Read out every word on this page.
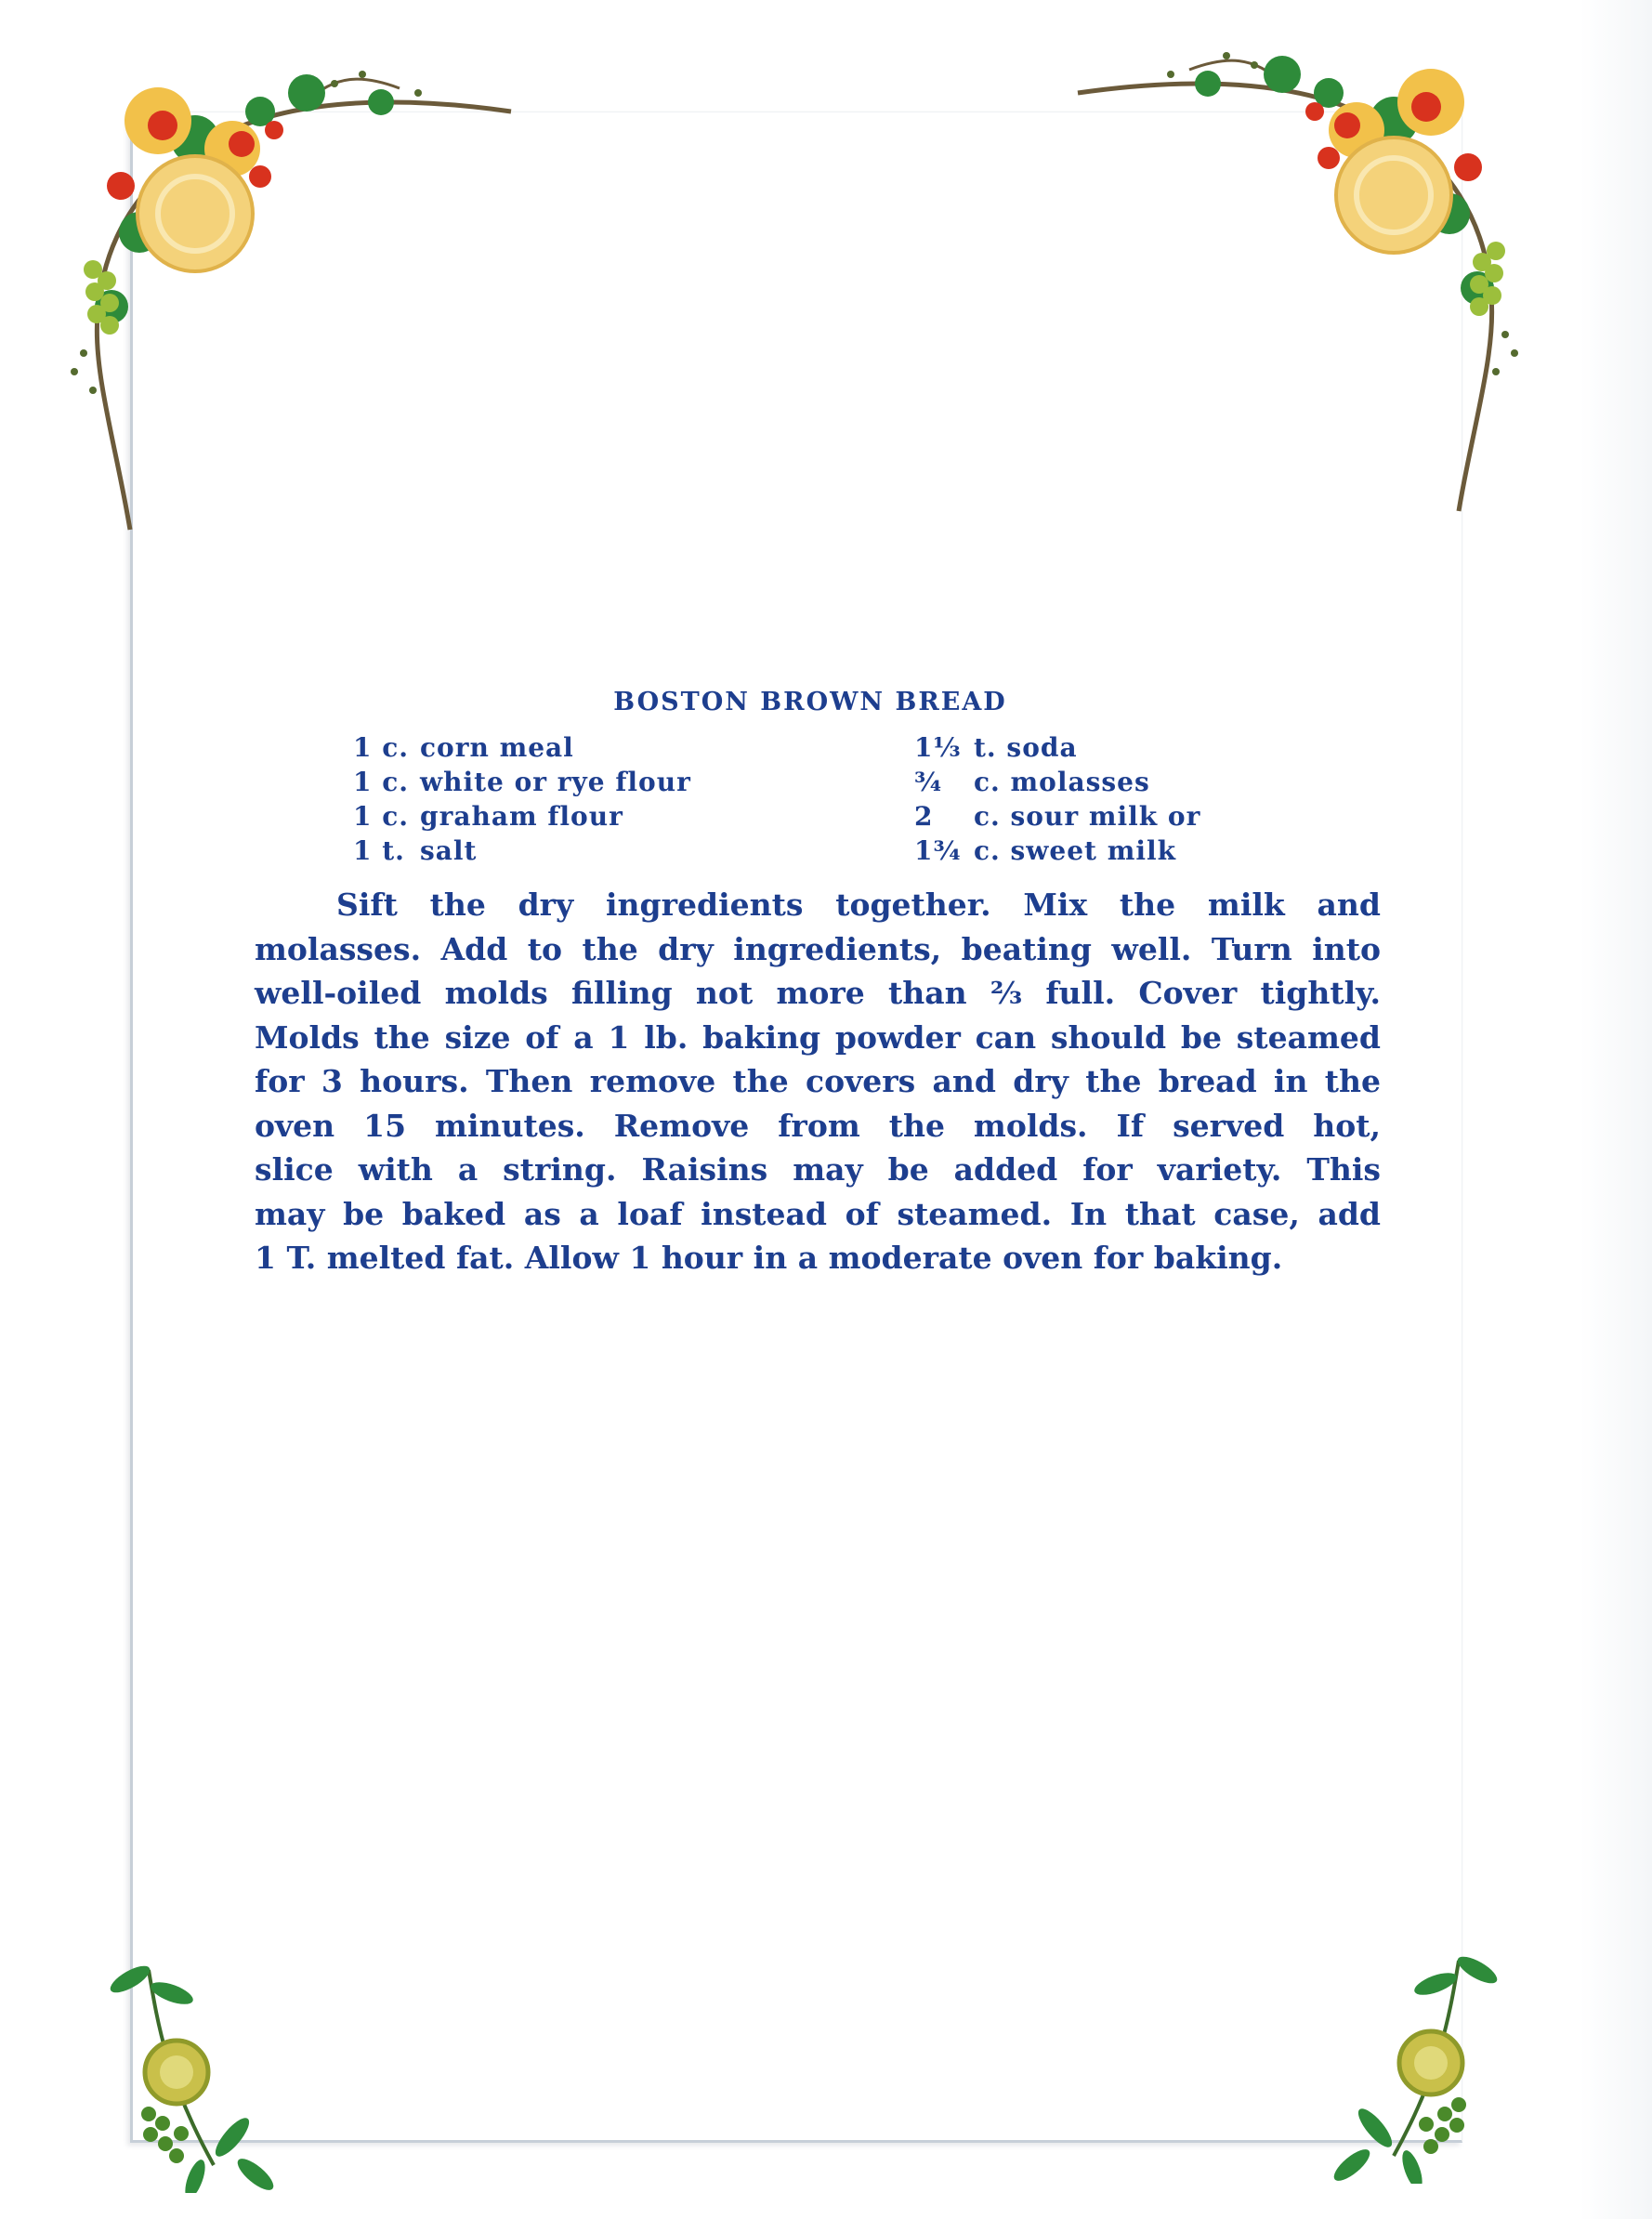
BOSTON BROWN BREAD
1 c. corn meal
1 c. white or rye flour
1 c. graham flour
1 t. salt
1⅓ t. soda
¾ c. molasses
2 c. sour milk or
1¾ c. sweet milk
Sift the dry ingredients together. Mix the milk and
molasses. Add to the dry ingredients, beating well. Turn into
well-oiled molds filling not more than ⅔ full. Cover tightly.
Molds the size of a 1 lb. baking powder can should be steamed
for 3 hours. Then remove the covers and dry the bread in the
oven 15 minutes. Remove from the molds. If served hot,
slice with a string. Raisins may be added for variety. This
may be baked as a loaf instead of steamed. In that case, add
1 T. melted fat. Allow 1 hour in a moderate oven for baking.
